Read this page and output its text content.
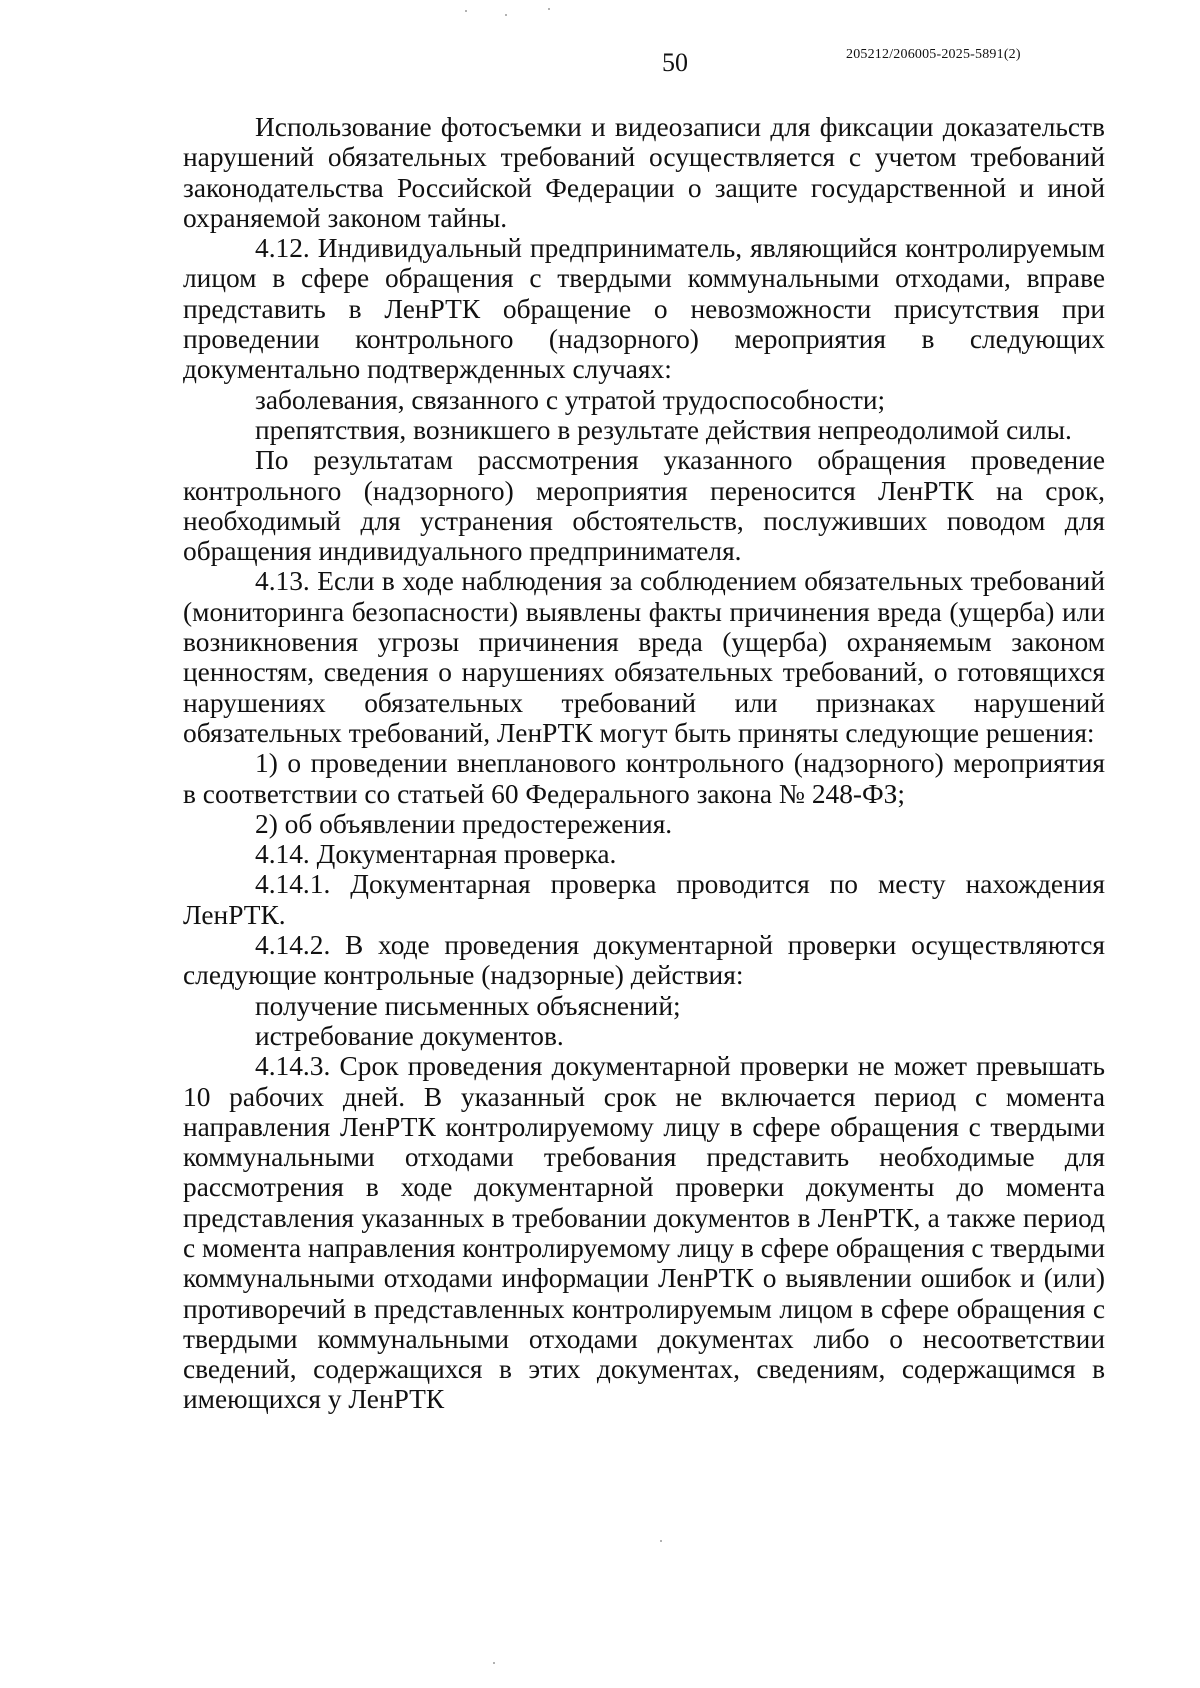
50	205212/206005-2025-5891(2)

Использование фотосъемки и видеозаписи для фиксации доказательств нарушений обязательных требований осуществляется с учетом требований законодательства Российской Федерации о защите государственной и иной охраняемой законом тайны.

4.12. Индивидуальный предприниматель, являющийся контролируемым лицом в сфере обращения с твердыми коммунальными отходами, вправе представить в ЛенРТК обращение о невозможности присутствия при проведении контрольного (надзорного) мероприятия в следующих документально подтвержденных случаях:

заболевания, связанного с утратой трудоспособности;

препятствия, возникшего в результате действия непреодолимой силы.

По результатам рассмотрения указанного обращения проведение контрольного (надзорного) мероприятия переносится ЛенРТК на срок, необходимый для устранения обстоятельств, послуживших поводом для обращения индивидуального предпринимателя.

4.13. Если в ходе наблюдения за соблюдением обязательных требований (мониторинга безопасности) выявлены факты причинения вреда (ущерба) или возникновения угрозы причинения вреда (ущерба) охраняемым законом ценностям, сведения о нарушениях обязательных требований, о готовящихся нарушениях обязательных требований или признаках нарушений обязательных требований, ЛенРТК могут быть приняты следующие решения:

1) о проведении внепланового контрольного (надзорного) мероприятия в соответствии со статьей 60 Федерального закона № 248-ФЗ;

2) об объявлении предостережения.

4.14. Документарная проверка.

4.14.1. Документарная проверка проводится по месту нахождения ЛенРТК.

4.14.2. В ходе проведения документарной проверки осуществляются следующие контрольные (надзорные) действия:

получение письменных объяснений;

истребование документов.

4.14.3. Срок проведения документарной проверки не может превышать 10 рабочих дней. В указанный срок не включается период с момента направления ЛенРТК контролируемому лицу в сфере обращения с твердыми коммунальными отходами требования представить необходимые для рассмотрения в ходе документарной проверки документы до момента представления указанных в требовании документов в ЛенРТК, а также период с момента направления контролируемому лицу в сфере обращения с твердыми коммунальными отходами информации ЛенРТК о выявлении ошибок и (или) противоречий в представленных контролируемым лицом в сфере обращения с твердыми коммунальными отходами документах либо о несоответствии сведений, содержащихся в этих документах, сведениям, содержащимся в имеющихся у ЛенРТК
